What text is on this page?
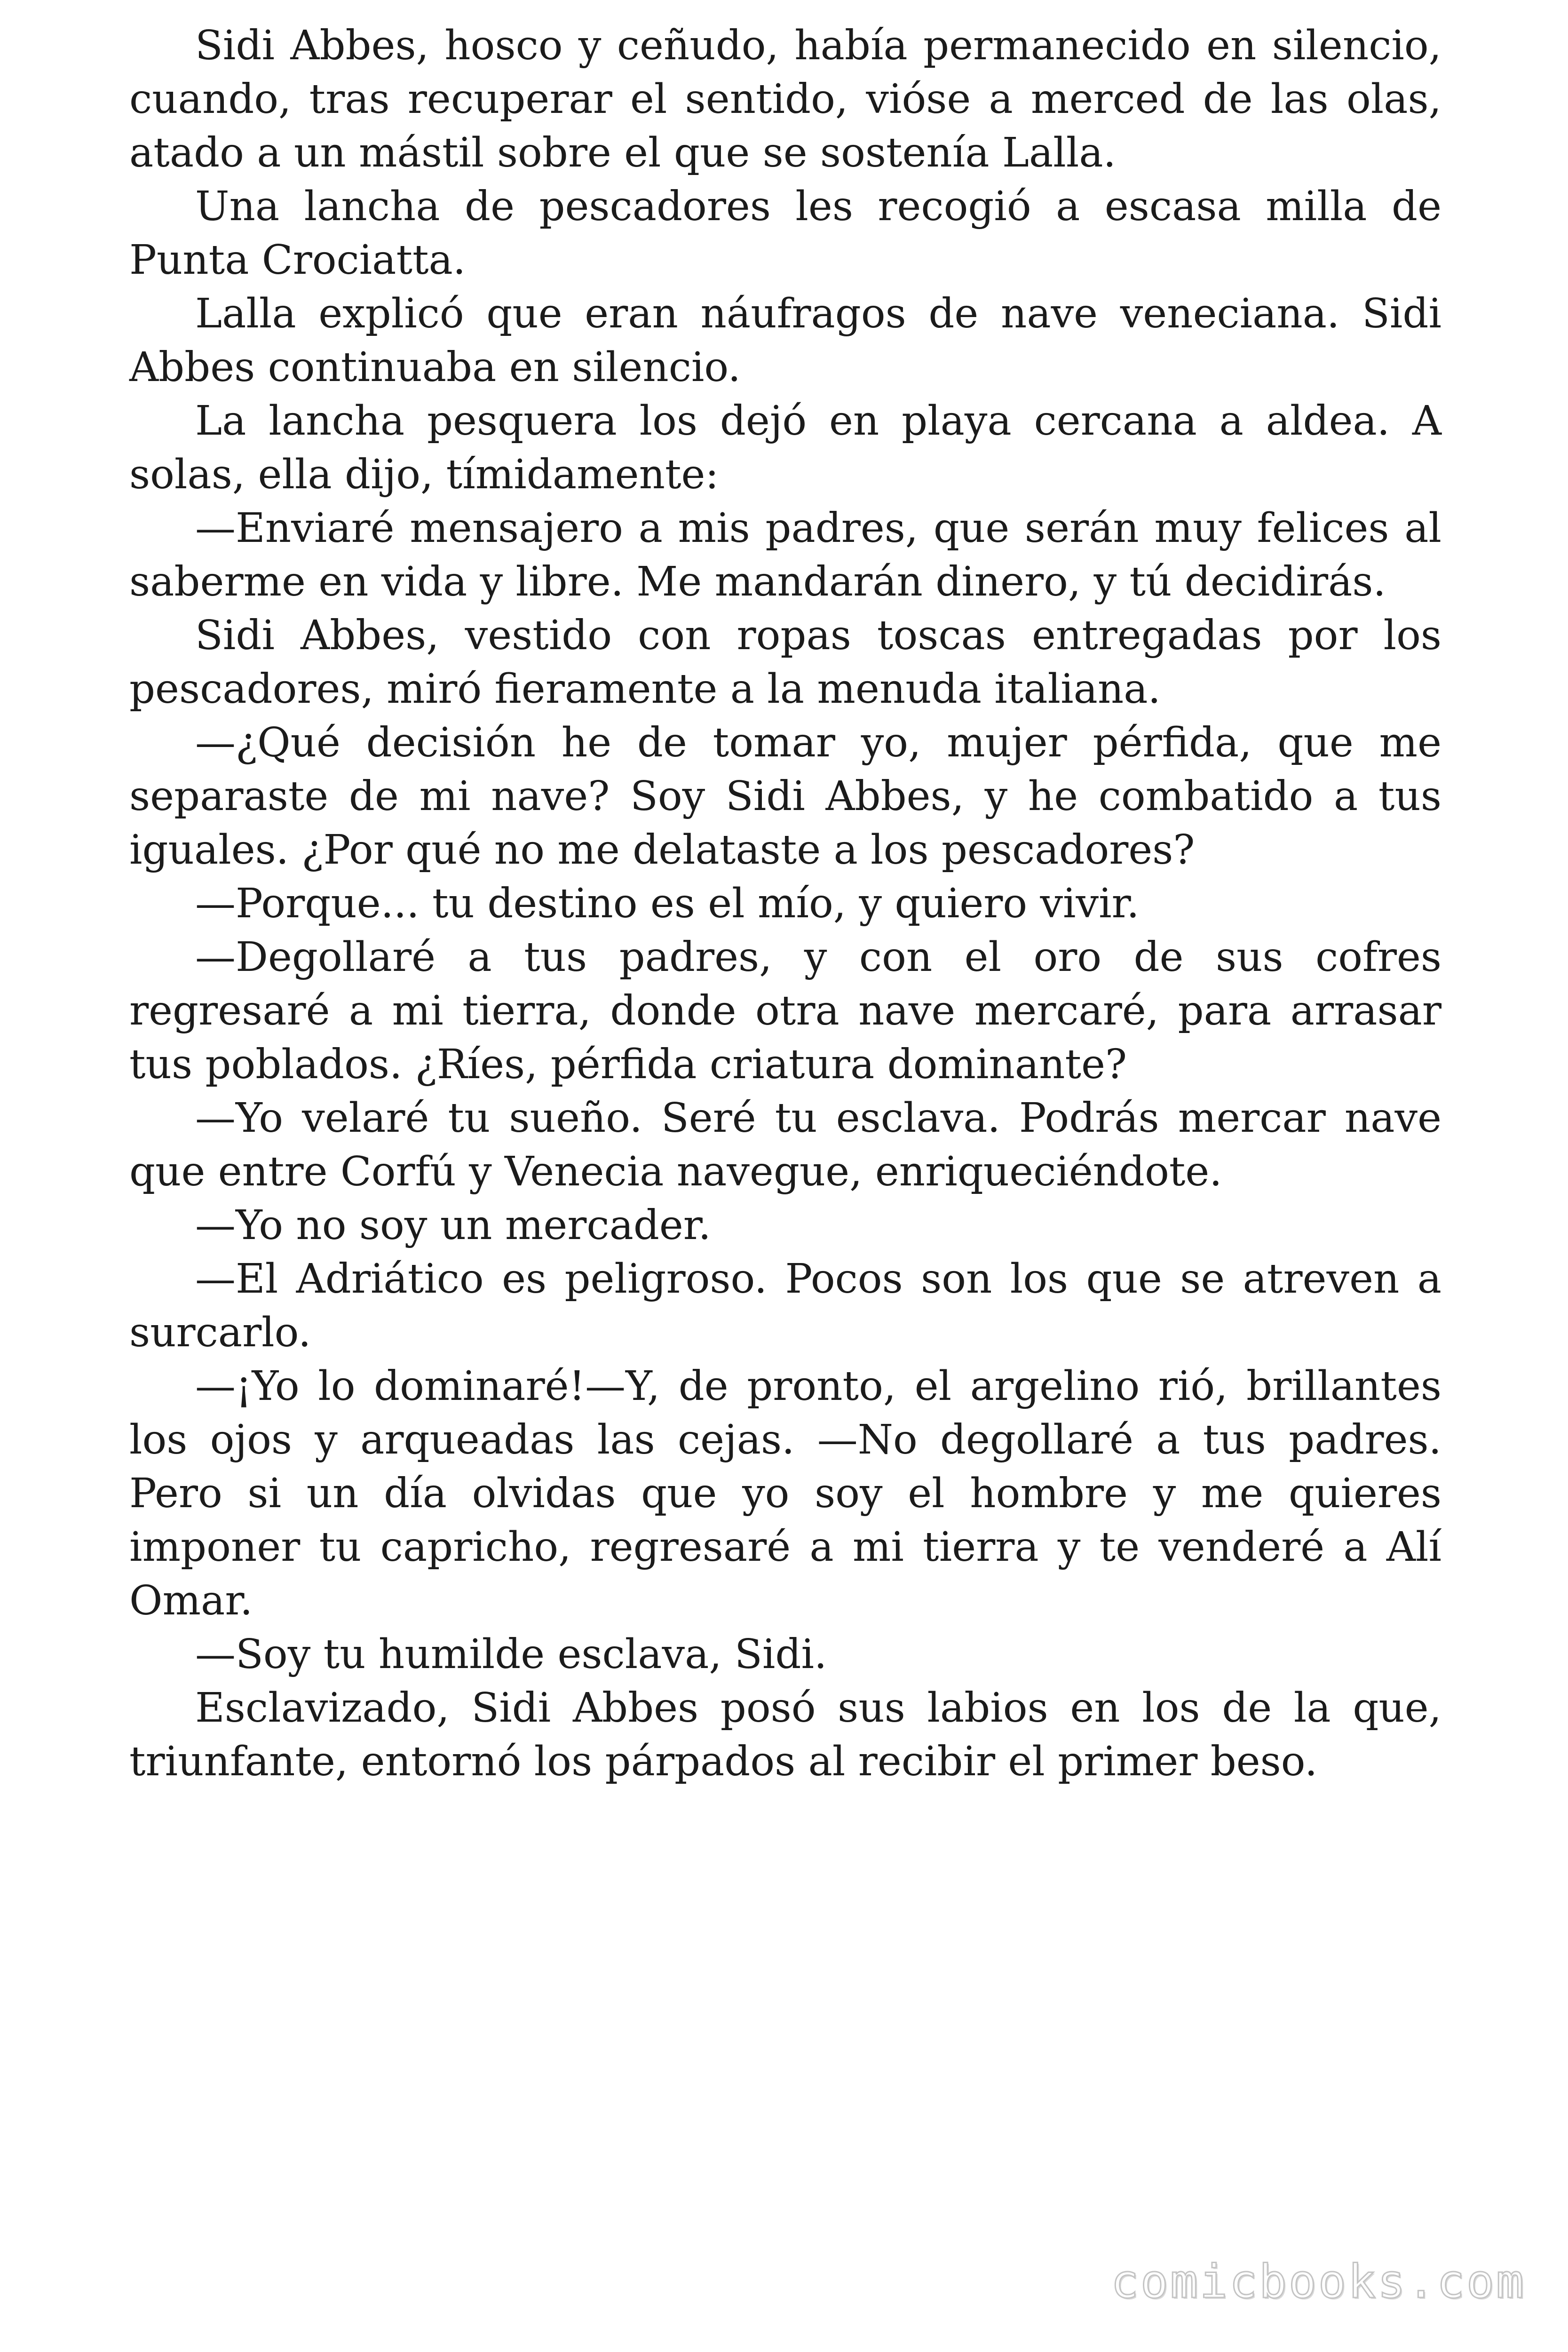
Sidi Abbes, hosco y ceñudo, había permanecido en silencio, cuando, tras recuperar el sentido, vióse a merced de las olas, atado a un mástil sobre el que se sostenía Lalla.

Una lancha de pescadores les recogió a escasa milla de Punta Crociatta.

Lalla explicó que eran náufragos de nave veneciana. Sidi Abbes continuaba en silencio.

La lancha pesquera los dejó en playa cercana a aldea. A solas, ella dijo, tímidamente:

—Enviaré mensajero a mis padres, que serán muy felices al saberme en vida y libre. Me mandarán dinero, y tú decidirás.

Sidi Abbes, vestido con ropas toscas entregadas por los pescadores, miró fieramente a la menuda italiana.

—¿Qué decisión he de tomar yo, mujer pérfida, que me separaste de mi nave? Soy Sidi Abbes, y he combatido a tus iguales. ¿Por qué no me delataste a los pescadores?

—Porque... tu destino es el mío, y quiero vivir.

—Degollaré a tus padres, y con el oro de sus cofres regresaré a mi tierra, donde otra nave mercaré, para arrasar tus poblados. ¿Ríes, pérfida criatura dominante?

—Yo velaré tu sueño. Seré tu esclava. Podrás mercar nave que entre Corfú y Venecia navegue, enriqueciéndote.

—Yo no soy un mercader.

—El Adriático es peligroso. Pocos son los que se atreven a surcarlo.

—¡Yo lo dominaré!—Y, de pronto, el argelino rió, brillantes los ojos y arqueadas las cejas. —No degollaré a tus padres. Pero si un día olvidas que yo soy el hombre y me quieres imponer tu capricho, regresaré a mi tierra y te venderé a Alí Omar.

—Soy tu humilde esclava, Sidi.

Esclavizado, Sidi Abbes posó sus labios en los de la que, triunfante, entornó los párpados al recibir el primer beso.

comicbooks.com
